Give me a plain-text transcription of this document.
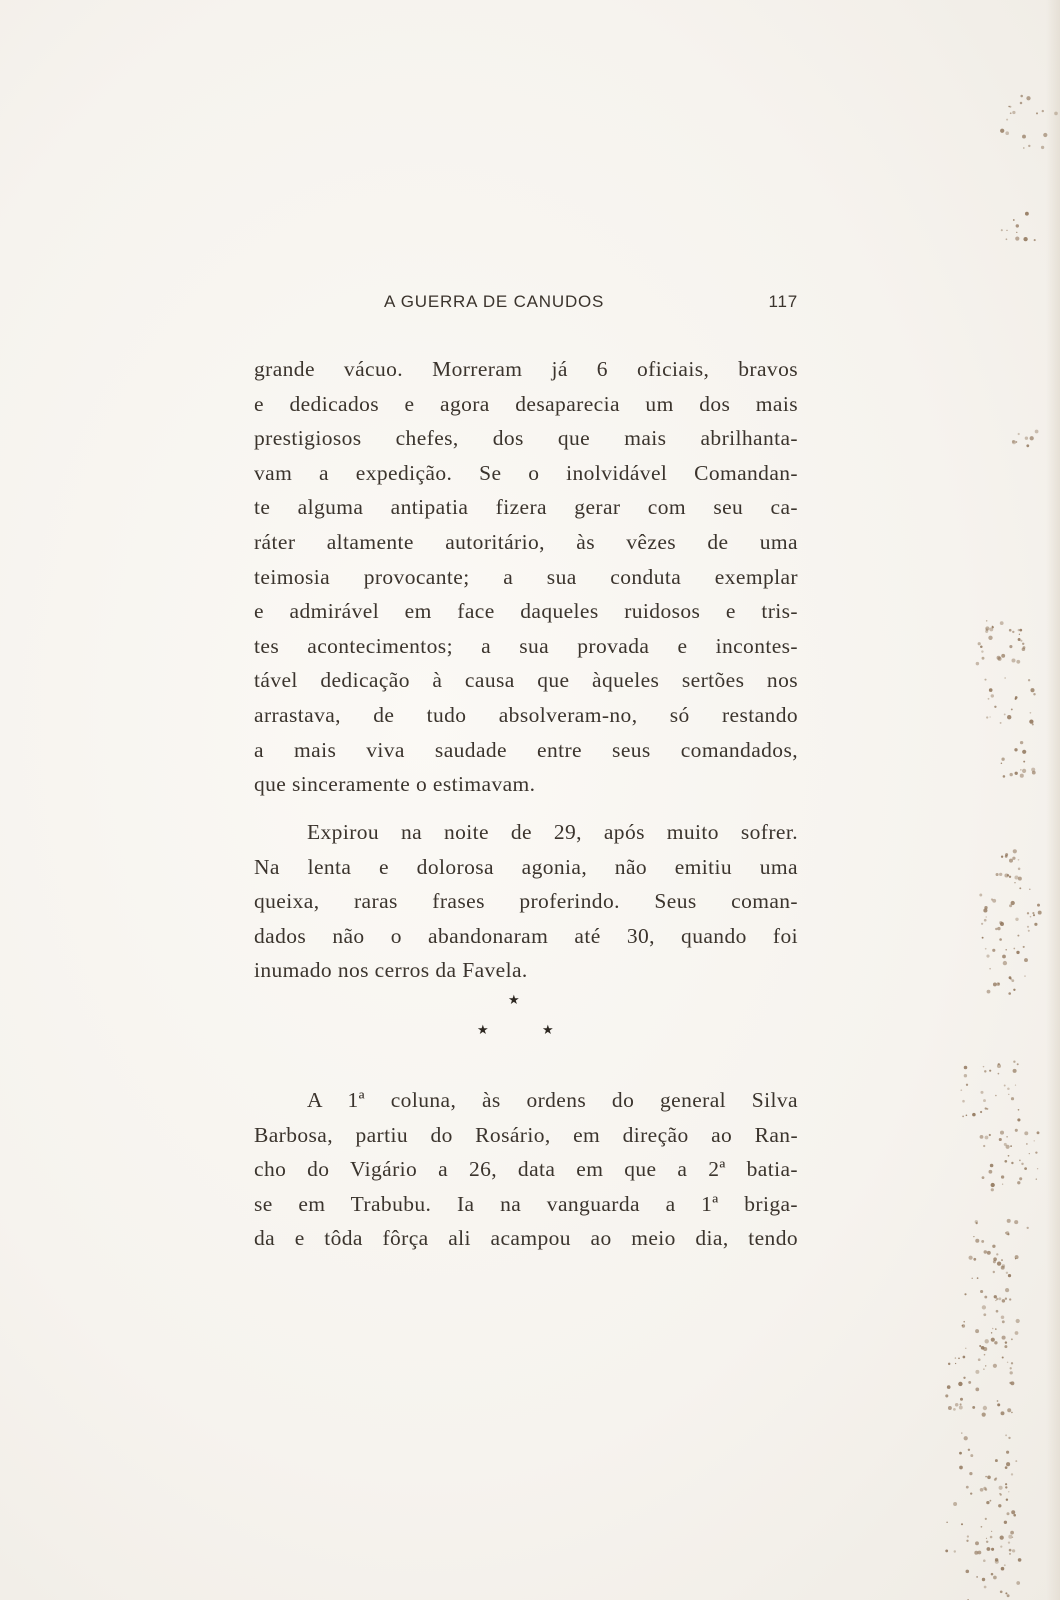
A GUERRA DE CANUDOS	117
grande vácuo. Morreram já 6 oficiais, bravos
e dedicados e agora desaparecia um dos mais
prestigiosos chefes, dos que mais abrilhanta-
vam a expedição. Se o inolvidável Comandan-
te alguma antipatia fizera gerar com seu ca-
ráter altamente autoritário, às vêzes de uma
teimosia provocante; a sua conduta exemplar
e admirável em face daqueles ruidosos e tris-
tes acontecimentos; a sua provada e incontes-
tável dedicação à causa que àqueles sertões nos
arrastava, de tudo absolveram-no, só restando
a mais viva saudade entre seus comandados,
que sinceramente o estimavam.
Expirou na noite de 29, após muito sofrer.
Na lenta e dolorosa agonia, não emitiu uma
queixa, raras frases proferindo. Seus coman-
dados não o abandonaram até 30, quando foi
inumado nos cerros da Favela.
★
★	★
A 1ª coluna, às ordens do general Silva
Barbosa, partiu do Rosário, em direção ao Ran-
cho do Vigário a 26, data em que a 2ª batia-
se em Trabubu. Ia na vanguarda a 1ª briga-
da e tôda fôrça ali acampou ao meio dia, tendo
